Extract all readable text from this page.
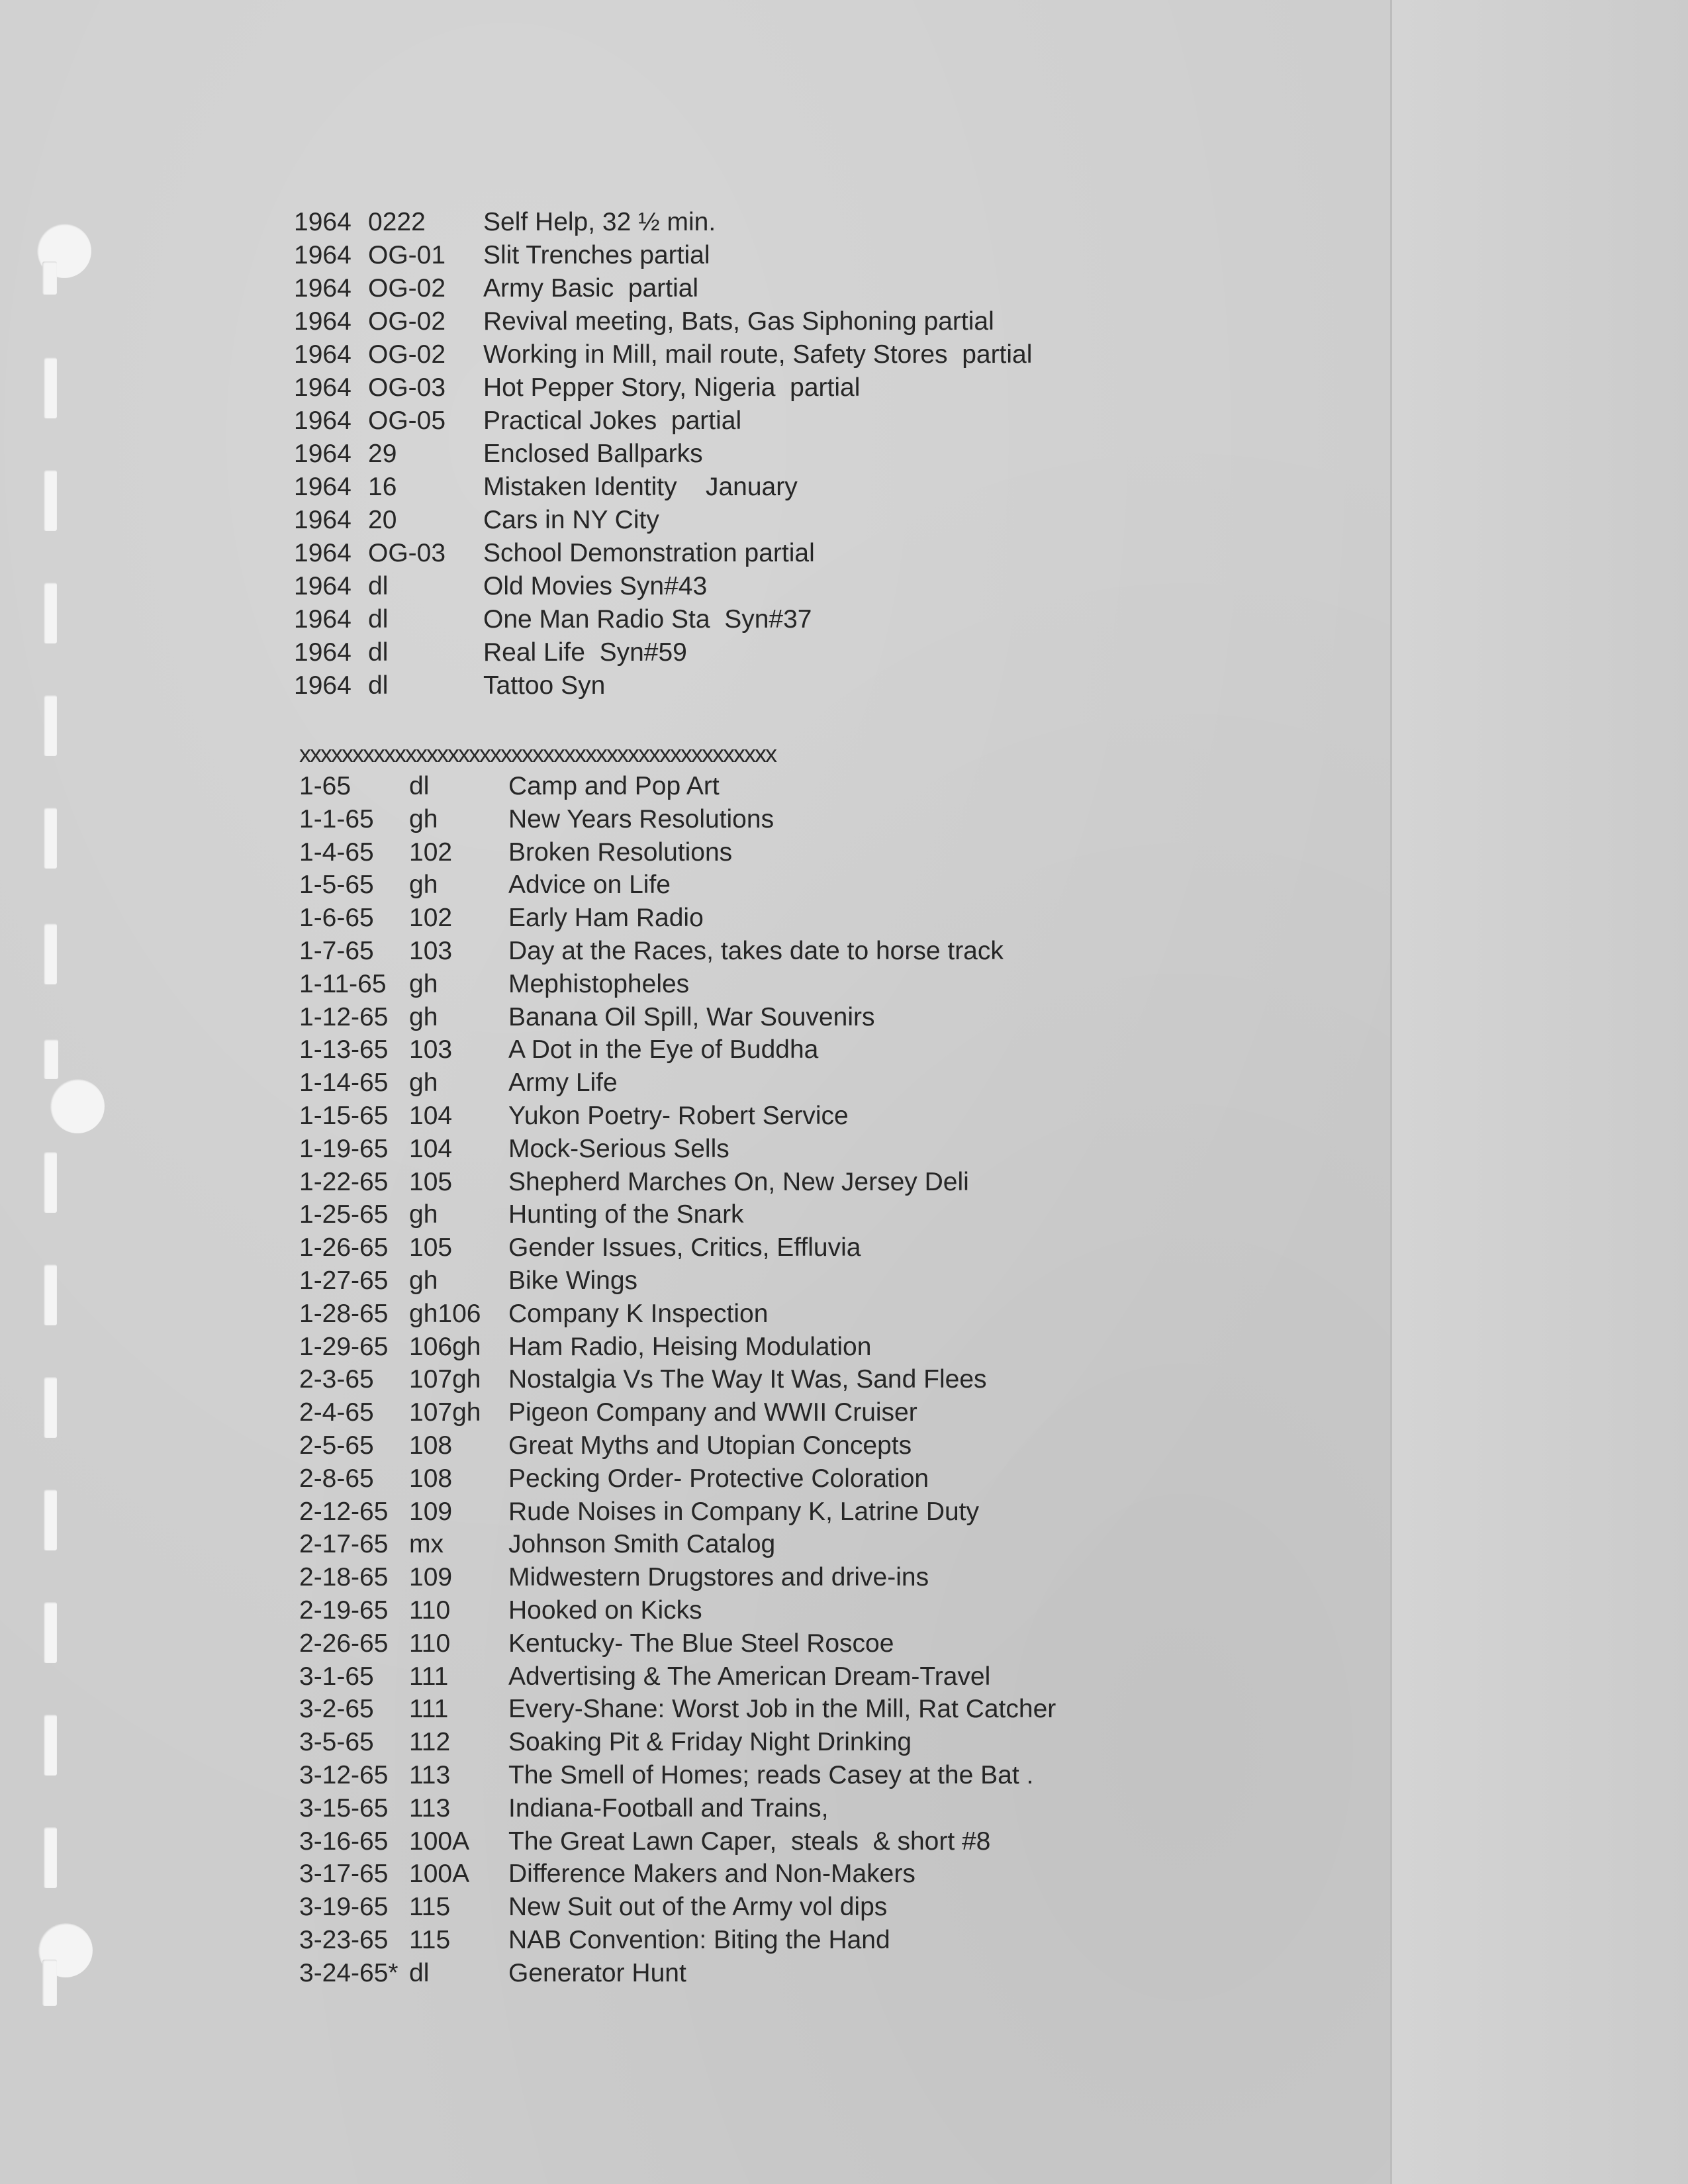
1964 0222 Self Help, 32 ½ min.
1964 OG-01 Slit Trenches partial
1964 OG-02 Army Basic  partial
1964 OG-02 Revival meeting, Bats, Gas Siphoning partial
1964 OG-02 Working in Mill, mail route, Safety Stores  partial
1964 OG-03 Hot Pepper Story, Nigeria  partial
1964 OG-05 Practical Jokes  partial
1964 29	Enclosed Ballparks
1964 16	Mistaken Identity    January
1964 20	Cars in NY City
1964 OG-03 School Demonstration partial
1964 dl	Old Movies Syn#43
1964 dl	One Man Radio Sta  Syn#37
1964 dl	Real Life  Syn#59
1964 dl	Tattoo Syn
xxxxxxxxxxxxxxxxxxxxxxxxxxxxxxxxxxxxxxxxxxxxx
1-65 dl	Camp and Pop Art
1-1-65 gh	New Years Resolutions
1-4-65 102 Broken Resolutions
1-5-65 gh	Advice on Life
1-6-65 102 Early Ham Radio
1-7-65 103 Day at the Races, takes date to horse track
1-11-65 gh	Mephistopheles
1-12-65 gh	Banana Oil Spill, War Souvenirs
1-13-65 103 A Dot in the Eye of Buddha
1-14-65 gh	Army Life
1-15-65 104 Yukon Poetry- Robert Service
1-19-65 104 Mock-Serious Sells
1-22-65 105 Shepherd Marches On, New Jersey Deli
1-25-65 gh	Hunting of the Snark
1-26-65 105 Gender Issues, Critics, Effluvia
1-27-65 gh	Bike Wings
1-28-65 gh106 Company K Inspection
1-29-65 106gh Ham Radio, Heising Modulation
2-3-65 107gh Nostalgia Vs The Way It Was, Sand Flees
2-4-65 107gh Pigeon Company and WWII Cruiser
2-5-65 108 Great Myths and Utopian Concepts
2-8-65 108 Pecking Order- Protective Coloration
2-12-65 109 Rude Noises in Company K, Latrine Duty
2-17-65 mx	Johnson Smith Catalog
2-18-65 109 Midwestern Drugstores and drive-ins
2-19-65 110 Hooked on Kicks
2-26-65 110 Kentucky- The Blue Steel Roscoe
3-1-65 111 Advertising & The American Dream-Travel
3-2-65 111 Every-Shane: Worst Job in the Mill, Rat Catcher
3-5-65 112 Soaking Pit & Friday Night Drinking
3-12-65 113 The Smell of Homes; reads Casey at the Bat .
3-15-65 113 Indiana-Football and Trains,
3-16-65 100A The Great Lawn Caper,  steals  & short #8
3-17-65 100A Difference Makers and Non-Makers
3-19-65 115 New Suit out of the Army vol dips
3-23-65 115 NAB Convention: Biting the Hand
3-24-65* dl	Generator Hunt
